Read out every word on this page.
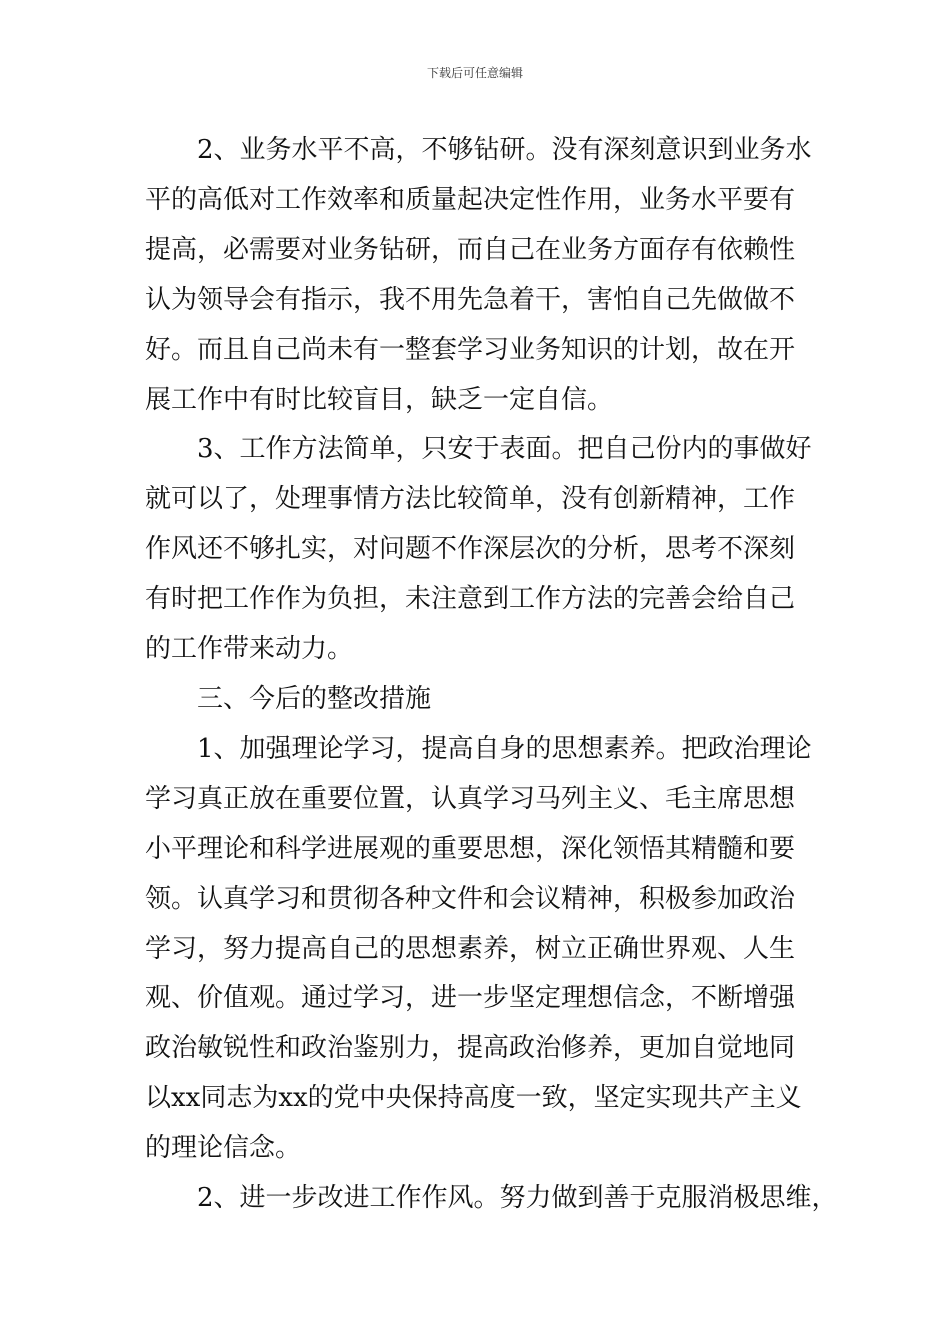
下载后可任意编辑

2、业务水平不高，不够钻研。没有深刻意识到业务水
平的高低对工作效率和质量起决定性作用，业务水平要有
提高，必需要对业务钻研，而自己在业务方面存有依赖性
认为领导会有指示，我不用先急着干，害怕自己先做做不
好。而且自己尚未有一整套学习业务知识的计划，故在开
展工作中有时比较盲目，缺乏一定自信。

3、工作方法简单，只安于表面。把自己份内的事做好
就可以了，处理事情方法比较简单，没有创新精神，工作
作风还不够扎实，对问题不作深层次的分析，思考不深刻
有时把工作作为负担，未注意到工作方法的完善会给自己
的工作带来动力。

三、今后的整改措施

1、加强理论学习，提高自身的思想素养。把政治理论
学习真正放在重要位置，认真学习马列主义、毛主席思想
小平理论和科学进展观的重要思想，深化领悟其精髓和要
领。认真学习和贯彻各种文件和会议精神，积极参加政治
学习，努力提高自己的思想素养，树立正确世界观、人生
观、价值观。通过学习，进一步坚定理想信念，不断增强
政治敏锐性和政治鉴别力，提高政治修养，更加自觉地同
以xx同志为xx的党中央保持高度一致，坚定实现共产主义
的理论信念。

2、进一步改进工作作风。努力做到善于克服消极思维，
